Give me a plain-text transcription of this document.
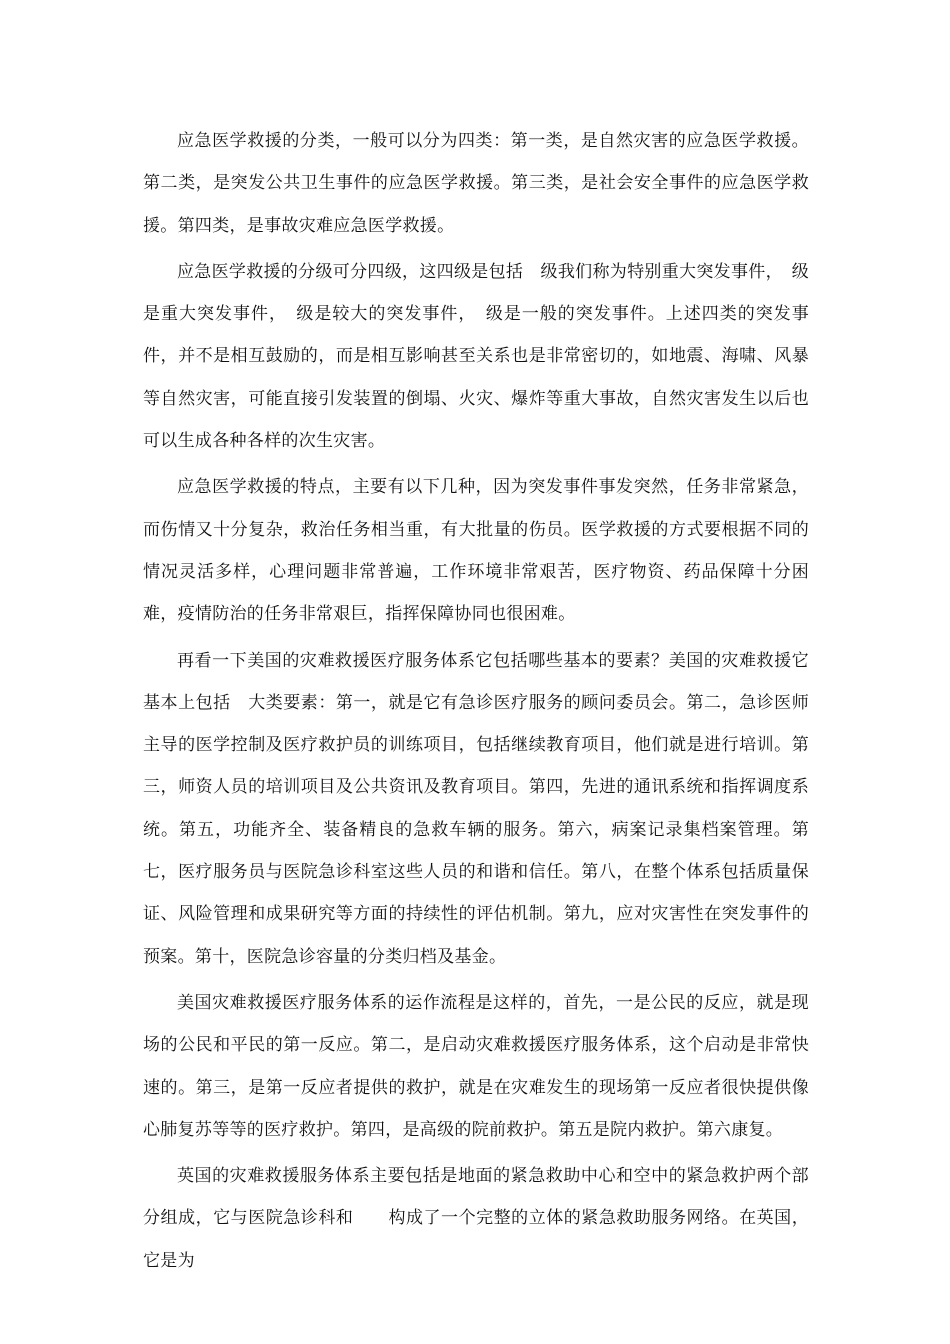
应急医学救援的分类，一般可以分为四类：第一类，是自然灾害的应急医学救援。第二类，是突发公共卫生事件的应急医学救援。第三类，是社会安全事件的应急医学救援。第四类，是事故灾难应急医学救援。

应急医学救援的分级可分四级，这四级是包括　级我们称为特别重大突发事件，　级是重大突发事件，　级是较大的突发事件，　级是一般的突发事件。上述四类的突发事件，并不是相互鼓励的，而是相互影响甚至关系也是非常密切的，如地震、海啸、风暴等自然灾害，可能直接引发装置的倒塌、火灾、爆炸等重大事故，自然灾害发生以后也可以生成各种各样的次生灾害。

应急医学救援的特点，主要有以下几种，因为突发事件事发突然，任务非常紧急，而伤情又十分复杂，救治任务相当重，有大批量的伤员。医学救援的方式要根据不同的情况灵活多样，心理问题非常普遍，工作环境非常艰苦，医疗物资、药品保障十分困难，疫情防治的任务非常艰巨，指挥保障协同也很困难。

再看一下美国的灾难救援医疗服务体系它包括哪些基本的要素？美国的灾难救援它基本上包括　大类要素：第一，就是它有急诊医疗服务的顾问委员会。第二，急诊医师主导的医学控制及医疗救护员的训练项目，包括继续教育项目，他们就是进行培训。第三，师资人员的培训项目及公共资讯及教育项目。第四，先进的通讯系统和指挥调度系统。第五，功能齐全、装备精良的急救车辆的服务。第六，病案记录集档案管理。第七，医疗服务员与医院急诊科室这些人员的和谐和信任。第八，在整个体系包括质量保证、风险管理和成果研究等方面的持续性的评估机制。第九，应对灾害性在突发事件的预案。第十，医院急诊容量的分类归档及基金。

美国灾难救援医疗服务体系的运作流程是这样的，首先，一是公民的反应，就是现场的公民和平民的第一反应。第二，是启动灾难救援医疗服务体系，这个启动是非常快速的。第三，是第一反应者提供的救护，就是在灾难发生的现场第一反应者很快提供像心肺复苏等等的医疗救护。第四，是高级的院前救护。第五是院内救护。第六康复。

英国的灾难救援服务体系主要包括是地面的紧急救助中心和空中的紧急救护两个部分组成，它与医院急诊科和　　构成了一个完整的立体的紧急救助服务网络。在英国，它是为
